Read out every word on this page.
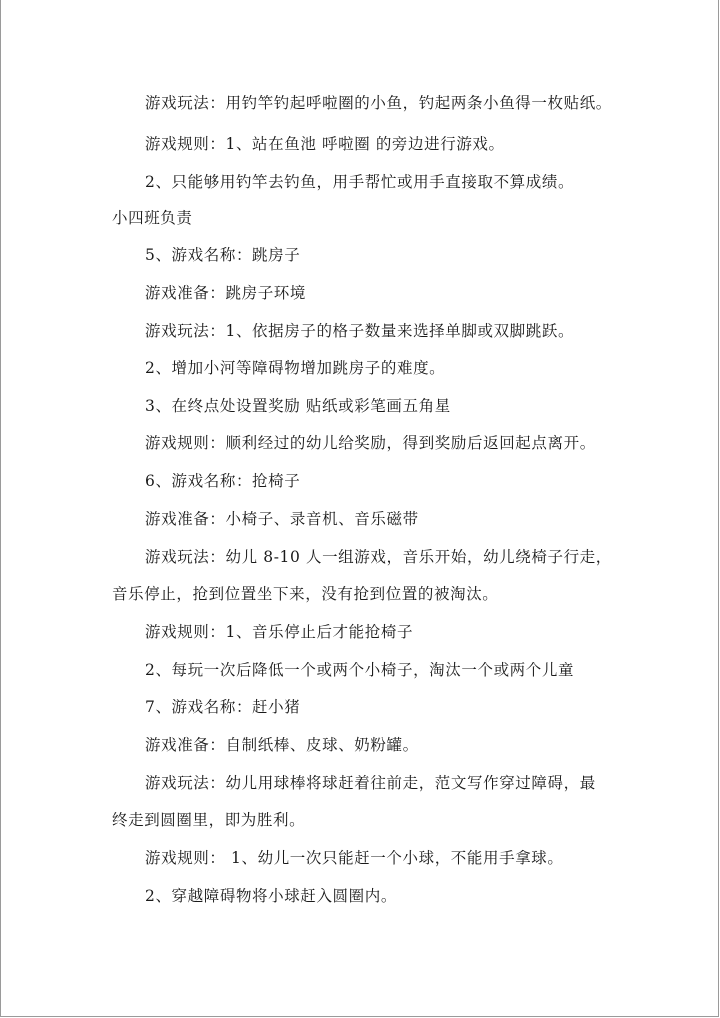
游戏玩法：用钓竿钓起呼啦圈的小鱼，钓起两条小鱼得一枚贴纸。
游戏规则：1、站在鱼池 呼啦圈 的旁边进行游戏。
2、只能够用钓竿去钓鱼，用手帮忙或用手直接取不算成绩。
小四班负责
5、游戏名称：跳房子
游戏准备：跳房子环境
游戏玩法：1、依据房子的格子数量来选择单脚或双脚跳跃。
2、增加小河等障碍物增加跳房子的难度。
3、在终点处设置奖励 贴纸或彩笔画五角星
游戏规则：顺利经过的幼儿给奖励，得到奖励后返回起点离开。
6、游戏名称：抢椅子
游戏准备：小椅子、录音机、音乐磁带
游戏玩法：幼儿 8-10 人一组游戏，音乐开始，幼儿绕椅子行走，
音乐停止，抢到位置坐下来，没有抢到位置的被淘汰。
游戏规则：1、音乐停止后才能抢椅子
2、每玩一次后降低一个或两个小椅子，淘汰一个或两个儿童
7、游戏名称：赶小猪
游戏准备：自制纸棒、皮球、奶粉罐。
游戏玩法：幼儿用球棒将球赶着往前走，范文写作穿过障碍，最
终走到圆圈里，即为胜利。
游戏规则： 1、幼儿一次只能赶一个小球，不能用手拿球。
2、穿越障碍物将小球赶入圆圈内。
